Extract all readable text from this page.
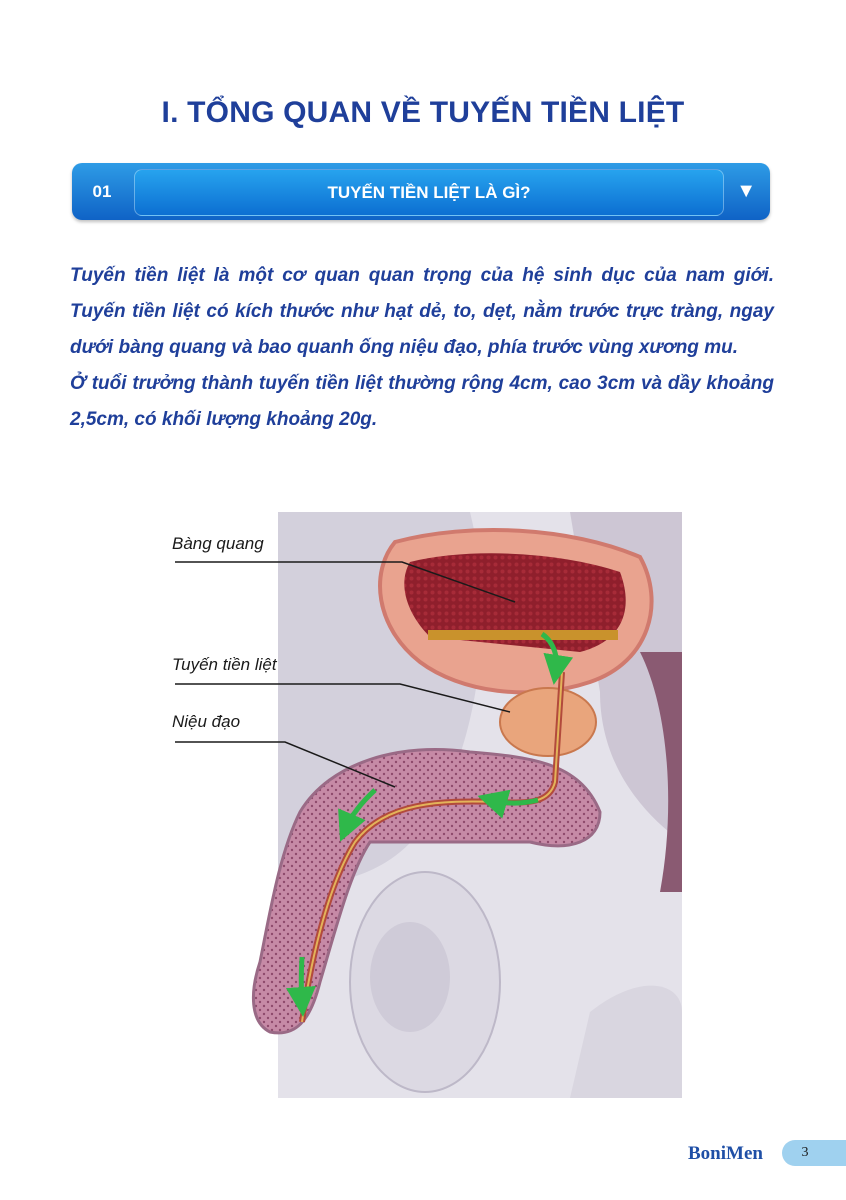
I. TỔNG QUAN VỀ TUYẾN TIỀN LIỆT
01	TUYẾN TIỀN LIỆT LÀ GÌ?	▼

Tuyến tiền liệt là một cơ quan quan trọng của hệ sinh dục của nam giới. Tuyến tiền liệt có kích thước như hạt dẻ, to, dẹt, nằm trước trực tràng, ngay dưới bàng quang và bao quanh ống niệu đạo, phía trước vùng xương mu.

Ở tuổi trưởng thành tuyến tiền liệt thường rộng 4cm, cao 3cm và dầy khoảng 2,5cm, có khối lượng khoảng 20g.

Bàng quang
Tuyến tiền liệt
Niệu đạo
BoniMen	3
